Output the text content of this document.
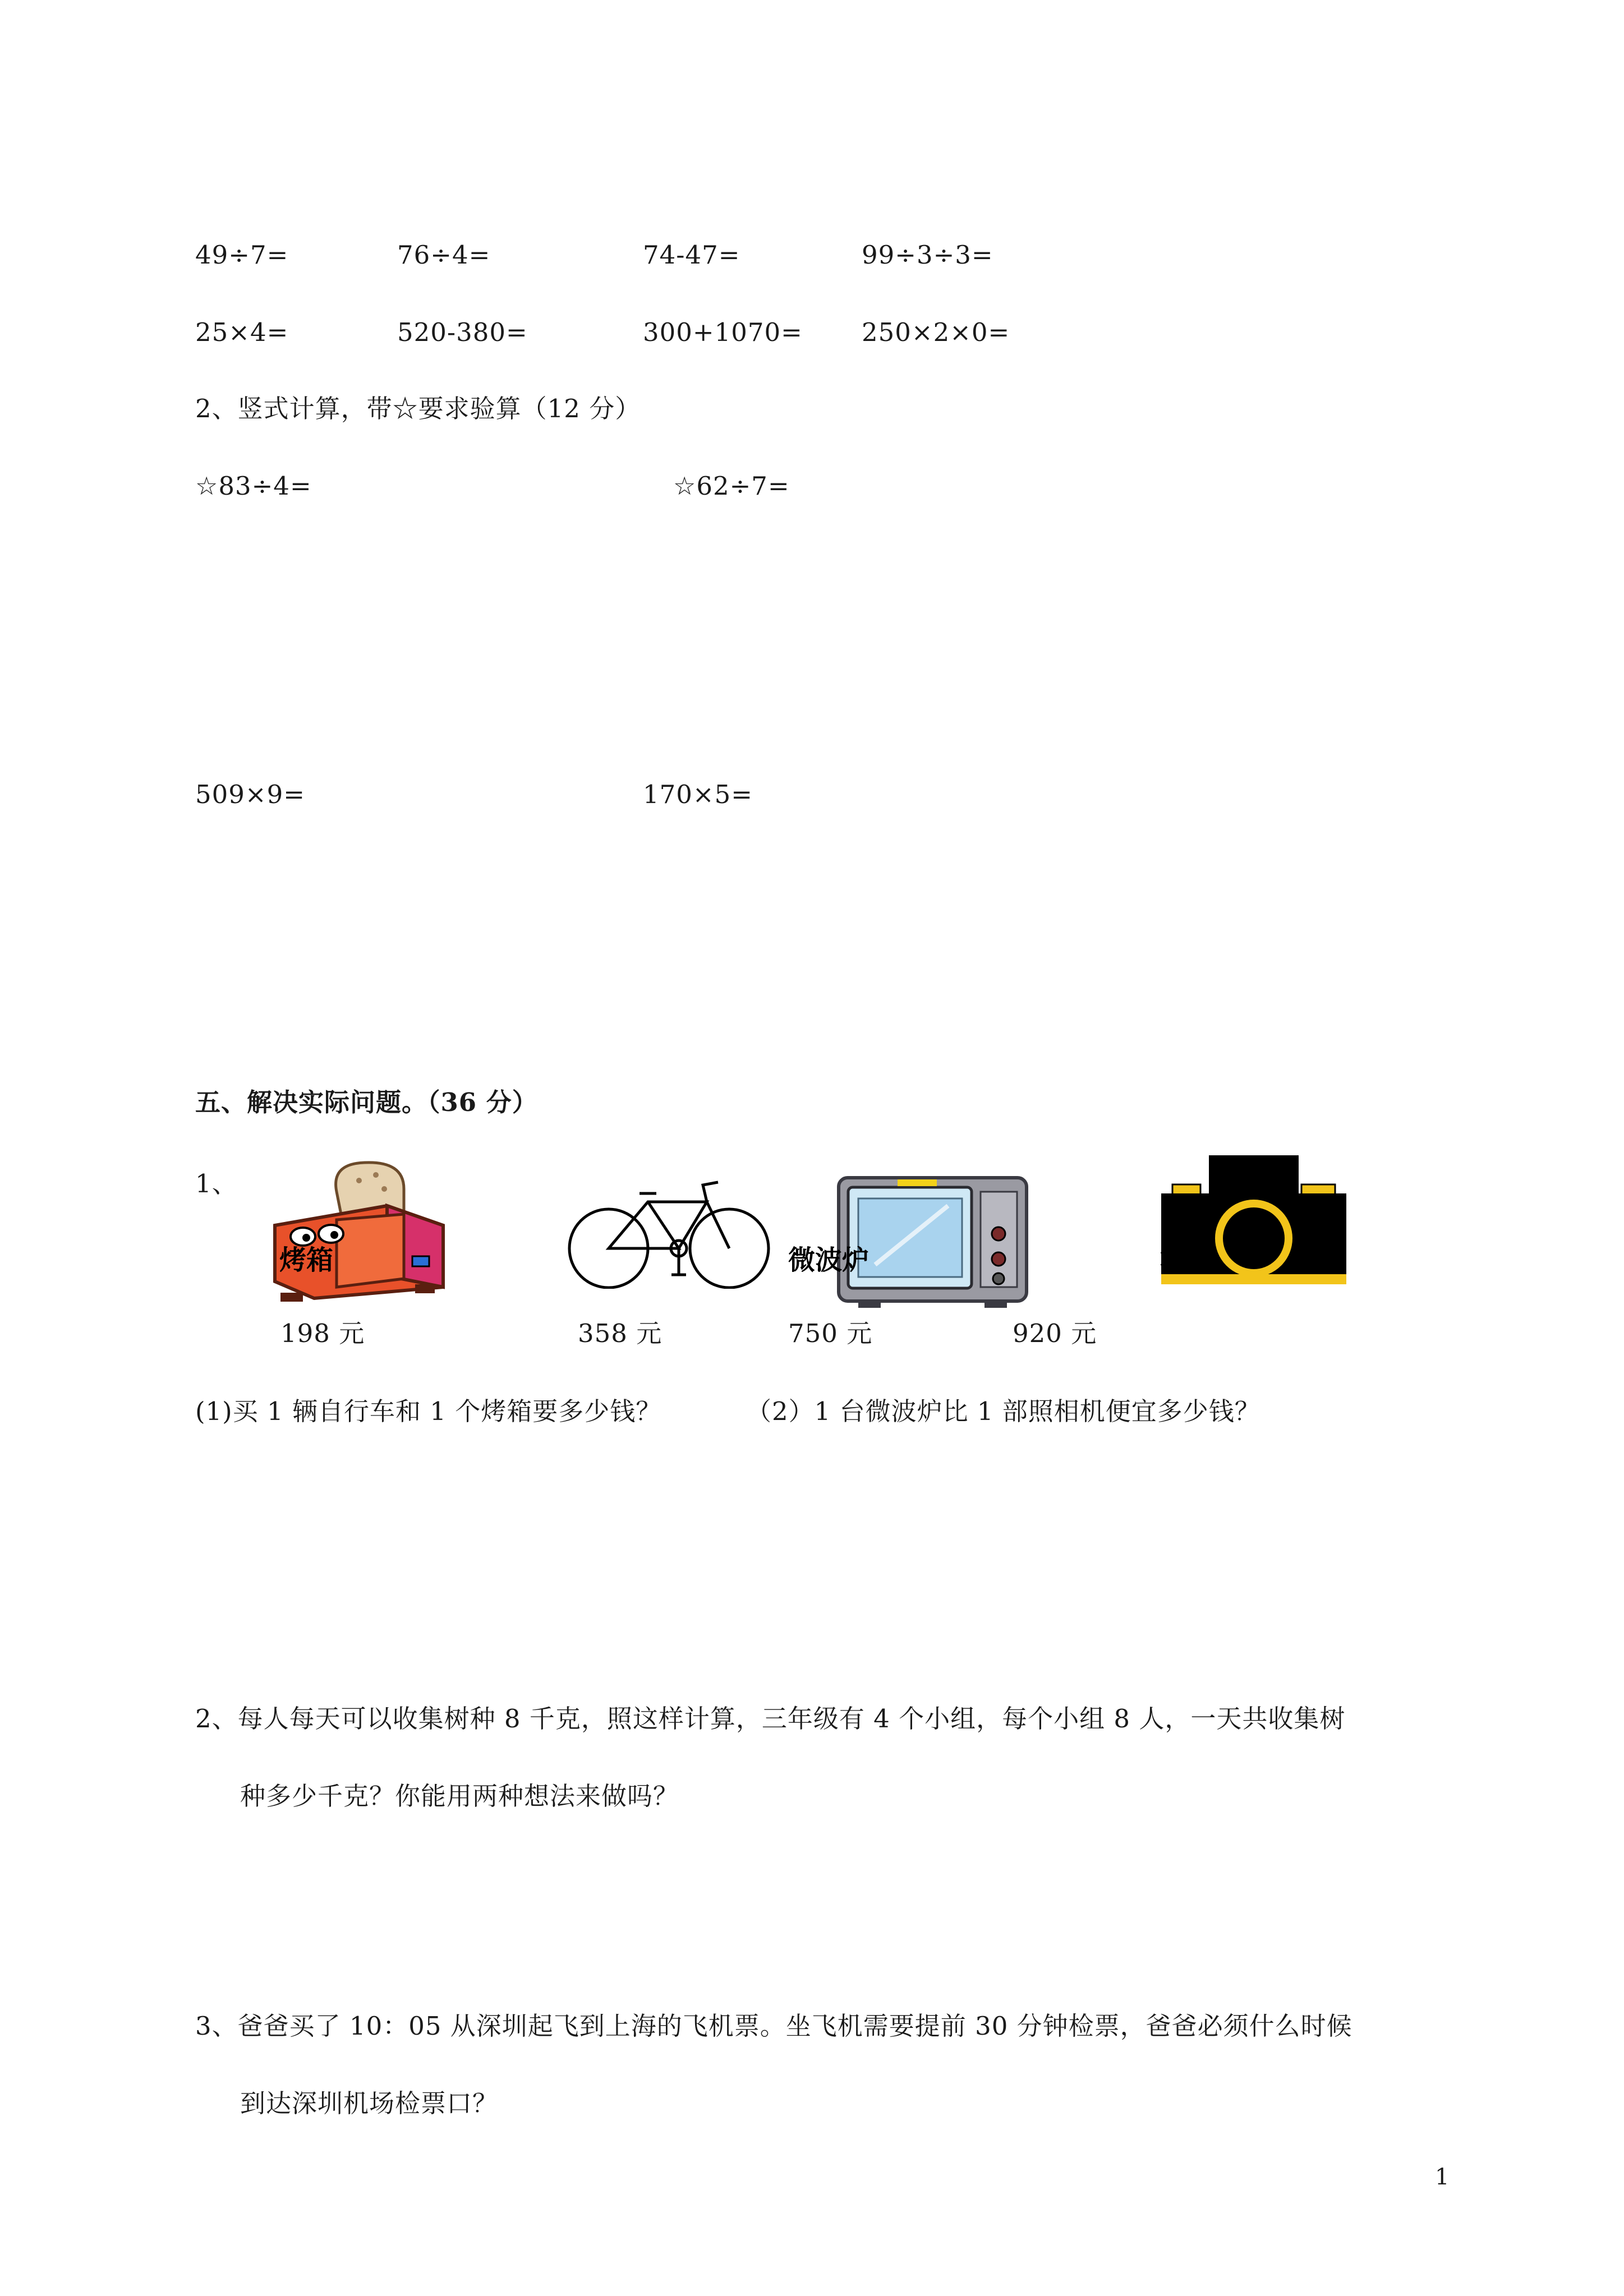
49÷7=	76÷4=	74-47=	99÷3÷3=
25×4=	520-380=	300+1070= 250×2×0=
2、竖式计算，带☆要求验算（12 分）
☆83÷4=	☆62÷7=
509×9=	170×5=
五、解决实际问题。（36 分）
1、
烤箱	微波炉	机
198 元	358 元	750 元	920 元
(1)买 1 辆自行车和 1 个烤箱要多少钱？	（2）1 台微波炉比 1 部照相机便宜多少钱？
2、每人每天可以收集树种 8 千克，照这样计算，三年级有 4 个小组，每个小组 8 人，一天共收集树
种多少千克？你能用两种想法来做吗？
3、爸爸买了 10：05 从深圳起飞到上海的飞机票。坐飞机需要提前 30 分钟检票，爸爸必须什么时候
到达深圳机场检票口？
1
